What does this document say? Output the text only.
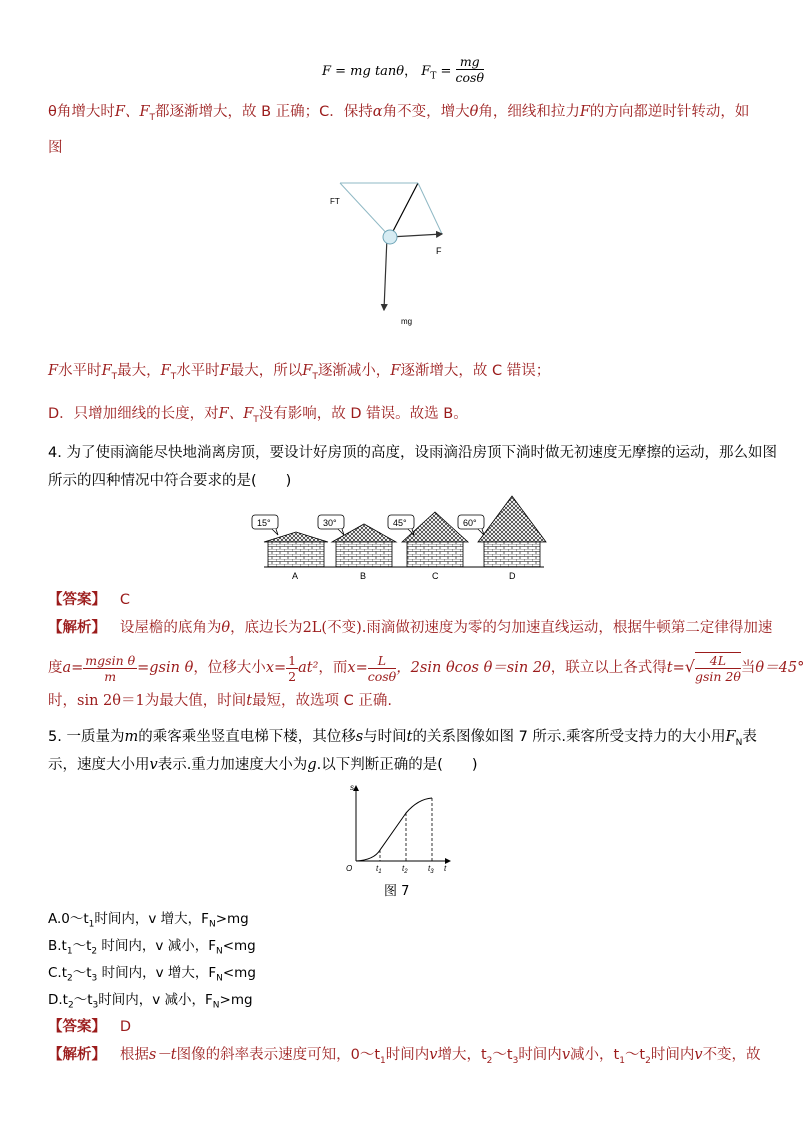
F = mg tanθ， $F_T = \frac{mg}{\cos\theta}$
θ角增大时F、$F_T$都逐渐增大，故 B 正确；C．保持α角不变，增大θ角，细线和拉力F的方向都逆时针转动，如
图
FT
F
mg
F水平时$F_T$最大，$F_T$水平时F最大，所以$F_T$逐渐减小，F逐渐增大，故 C 错误；
D．只增加细线的长度，对F、$F_T$没有影响，故 D 错误。故选 B。
4. 为了使雨滴能尽快地淌离房顶，要设计好房顶的高度，设雨滴沿房顶下淌时做无初速度无摩擦的运动，那么如图
所示的四种情况中符合要求的是(　　)
15°
A
30°
B
45°
C
60°
D
【答案】 C
【解析】 设屋檐的底角为θ，底边长为2L(不变).雨滴做初速度为零的匀加速直线运动，根据牛顿第二定律得加速
度$a= \frac{\text{mgsin θ}}{m} =gsin$ θ，位移大小$x= \frac{1}{2} at^2$，而$x= \frac{L}{\cos\theta}$ ，2sin θcos θ＝sin 2θ，联立以上各式得$t=√ \frac{4L}{gsin 2\theta}$ 当θ＝45°
时，sin 2θ＝1为最大值，时间t最短，故选项 C 正确.
5. 一质量为m的乘客乘坐竖直电梯下楼，其位移s与时间t的关系图像如图 7 所示.乘客所受支持力的大小用$F_N$表
示，速度大小用v表示.重力加速度大小为g.以下判断正确的是(　　)
s
t
O	$t_1$	$t_2$	$t_3$
图 7
$A.0\sim t_1$时间内，v 增大，$F_N>mg$
$B.t_1\sim t_2$ 时间内，v 减小，$F_N<mg$
$C.t_2\sim t_3$ 时间内，v 增大，$F_N<mg$
$D.t_2\sim t_3$时间内，v 减小，$F_N>mg$
【答案】 D
【解析】 根据s－t图像的斜率表示速度可知，$0\sim t_1$时间内v增大，$t_2\sim t_3$时间内v减小，$t_1\sim t_2$时间内v不变，故
